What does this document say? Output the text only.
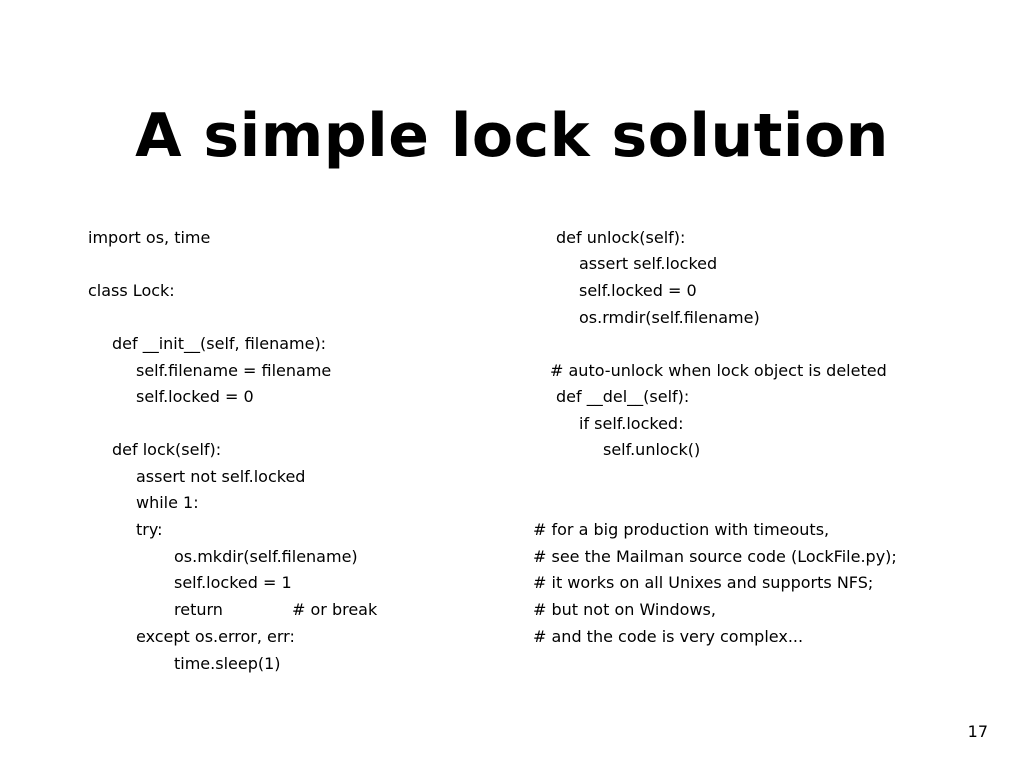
A simple lock solution
import os, time
class Lock:
def __init__(self, filename):
self.filename = filename
self.locked = 0
def lock(self):
assert not self.locked
while 1:
try:
os.mkdir(self.filename)
self.locked = 1
return	# or break
except os.error, err:
time.sleep(1)
def unlock(self):
assert self.locked
self.locked = 0
os.rmdir(self.filename)
# auto-unlock when lock object is deleted
def __del__(self):
if self.locked:
self.unlock()
# for a big production with timeouts,
# see the Mailman source code (LockFile.py);
# it works on all Unixes and supports NFS;
# but not on Windows,
# and the code is very complex...
17
